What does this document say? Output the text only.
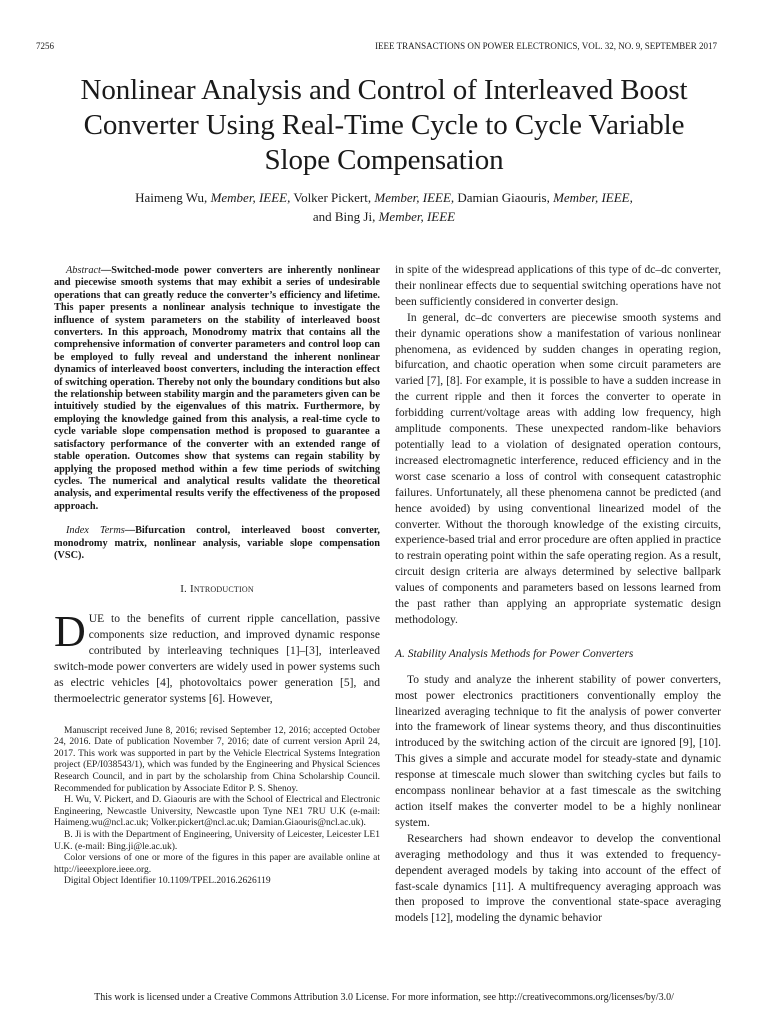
7256	IEEE TRANSACTIONS ON POWER ELECTRONICS, VOL. 32, NO. 9, SEPTEMBER 2017
Nonlinear Analysis and Control of Interleaved Boost
Converter Using Real-Time Cycle to Cycle Variable
Slope Compensation
Haimeng Wu, Member, IEEE, Volker Pickert, Member, IEEE, Damian Giaouris, Member, IEEE,
and Bing Ji, Member, IEEE

Abstract—Switched-mode power converters are inherently nonlinear and piecewise smooth systems that may exhibit a series of undesirable operations that can greatly reduce the converter’s efficiency and lifetime. This paper presents a nonlinear analysis technique to investigate the influence of system parameters on the stability of interleaved boost converters. In this approach, Monodromy matrix that contains all the comprehensive information of converter parameters and control loop can be employed to fully reveal and understand the inherent nonlinear dynamics of interleaved boost converters, including the interaction effect of switching operation. Thereby not only the boundary conditions but also the relationship between stability margin and the parameters given can be intuitively studied by the eigenvalues of this matrix. Furthermore, by employing the knowledge gained from this analysis, a real-time cycle to cycle variable slope compensation method is proposed to guarantee a satisfactory performance of the converter with an extended range of stable operation. Outcomes show that systems can regain stability by applying the proposed method within a few time periods of switching cycles. The numerical and analytical results validate the theoretical analysis, and experimental results verify the effectiveness of the proposed approach.

Index Terms—Bifurcation control, interleaved boost converter, monodromy matrix, nonlinear analysis, variable slope compensation (VSC).

I. Introduction

DUE to the benefits of current ripple cancellation, passive components size reduction, and improved dynamic response contributed by interleaving techniques [1]–[3], interleaved switch-mode power converters are widely used in power systems such as electric vehicles [4], photovoltaics power generation [5], and thermoelectric generator systems [6]. However,

Manuscript received June 8, 2016; revised September 12, 2016; accepted October 24, 2016. Date of publication November 7, 2016; date of current version April 24, 2017. This work was supported in part by the Vehicle Electrical Systems Integration project (EP/I038543/1), which was funded by the Engineering and Physical Sciences Research Council, and in part by the scholarship from China Scholarship Council. Recommended for publication by Associate Editor P. S. Shenoy.

H. Wu, V. Pickert, and D. Giaouris are with the School of Electrical and Electronic Engineering, Newcastle University, Newcastle upon Tyne NE1 7RU U.K (e-mail: Haimeng.wu@ncl.ac.uk; Volker.pickert@ncl.ac.uk; Damian.Giaouris@ncl.ac.uk).

B. Ji is with the Department of Engineering, University of Leicester, Leicester LE1 U.K. (e-mail: Bing.ji@le.ac.uk).

Color versions of one or more of the figures in this paper are available online at http://ieeexplore.ieee.org.

Digital Object Identifier 10.1109/TPEL.2016.2626119

in spite of the widespread applications of this type of dc–dc converter, their nonlinear effects due to sequential switching operations have not been sufficiently considered in converter design.

In general, dc–dc converters are piecewise smooth systems and their dynamic operations show a manifestation of various nonlinear phenomena, as evidenced by sudden changes in operating region, bifurcation, and chaotic operation when some circuit parameters are varied [7], [8]. For example, it is possible to have a sudden increase in the current ripple and then it forces the converter to operate in forbidding current/voltage areas with adding low frequency, high amplitude components. These unexpected random-like behaviors potentially lead to a violation of designated operation contours, increased electromagnetic interference, reduced efficiency and in the worst case scenario a loss of control with consequent catastrophic failures. Unfortunately, all these phenomena cannot be predicted (and hence avoided) by using conventional linearized model of the converter. Without the thorough knowledge of the existing circuits, experience-based trial and error procedure are often applied in practice to restrain operating point within the safe operating region. As a result, circuit design criteria are always determined by selective ballpark values of components and parameters based on lessons learned from the past rather than applying an appropriate systematic design methodology.

A. Stability Analysis Methods for Power Converters

To study and analyze the inherent stability of power converters, most power electronics practitioners conventionally employ the linearized averaging technique to fit the analysis of power converter into the framework of linear systems theory, and thus discontinuities introduced by the switching action of the circuit are ignored [9], [10]. This gives a simple and accurate model for steady-state and dynamic response at timescale much slower than switching cycles but fails to encompass nonlinear behavior at a fast timescale as the switching action itself makes the converter model to be a highly nonlinear system.

Researchers had shown endeavor to develop the conventional averaging methodology and thus it was extended to frequency-dependent averaged models by taking into account of the effect of fast-scale dynamics [11]. A multifrequency averaging approach was then proposed to improve the conventional state-space averaging models [12], modeling the dynamic behavior

This work is licensed under a Creative Commons Attribution 3.0 License. For more information, see http://creativecommons.org/licenses/by/3.0/
